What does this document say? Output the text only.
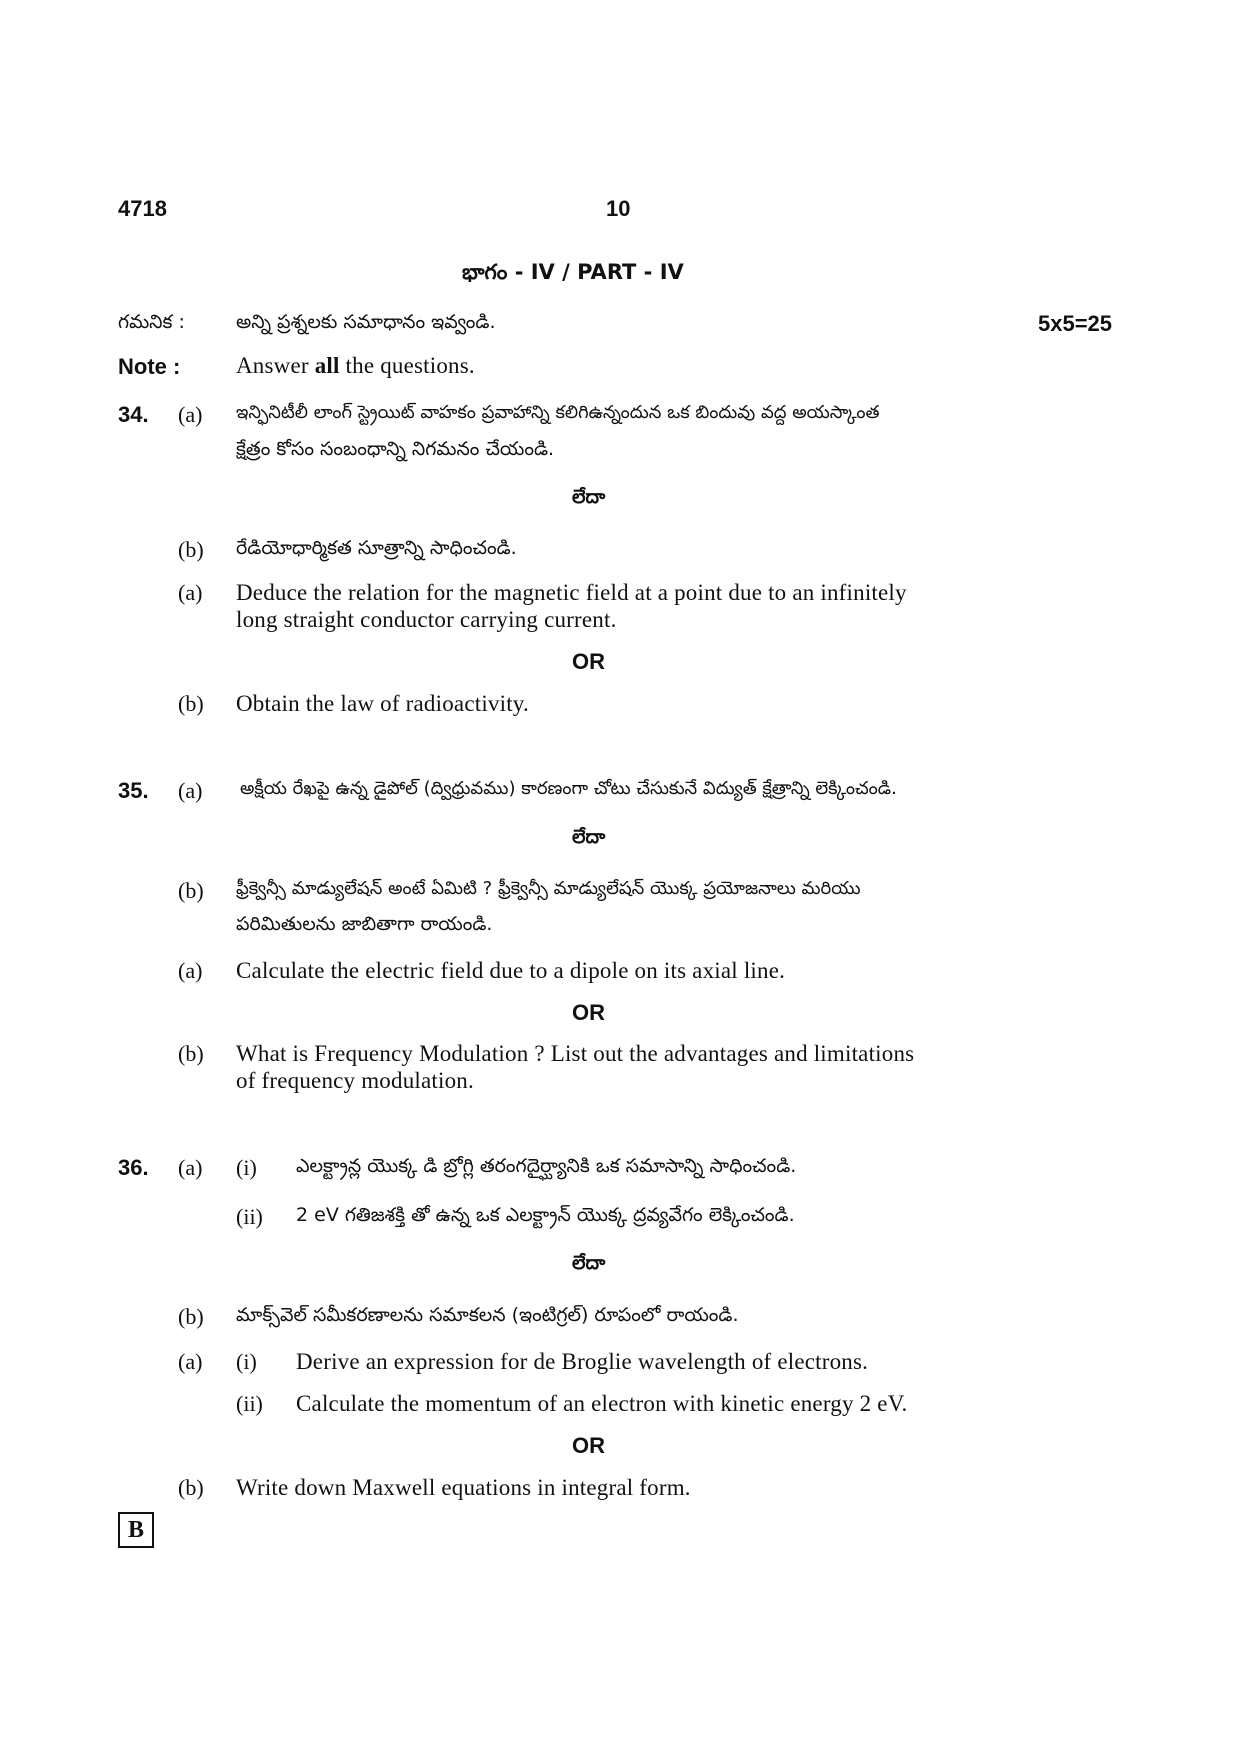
4718	10
భాగం - IV / PART - IV
గమనిక :	అన్ని ప్రశ్నలకు సమాధానం ఇవ్వండి.	5x5=25
Note : Answer all the questions.
34. (a) ఇన్ఫినిటీలీ లాంగ్ స్ట్రెయిట్ వాహకం ప్రవాహాన్ని కలిగిఉన్నందున ఒక బిందువు వద్ద అయస్కాంత
క్షేత్రం కోసం సంబంధాన్ని నిగమనం చేయండి.
లేదా
(b) రేడియోధార్మికత సూత్రాన్ని సాధించండి.
(a) Deduce the relation for the magnetic field at a point due to an infinitely
long straight conductor carrying current.
OR
(b) Obtain the law of radioactivity.
35. (a) అక్షీయ రేఖపై ఉన్న డైపోల్ (ద్విధ్రువము) కారణంగా చోటు చేసుకునే విద్యుత్ క్షేత్రాన్ని లెక్కించండి.
లేదా
(b) ఫ్రీక్వెన్సీ మాడ్యులేషన్ అంటే ఏమిటి ? ఫ్రీక్వెన్సీ మాడ్యులేషన్ యొక్క ప్రయోజనాలు మరియు
పరిమితులను జాబితాగా రాయండి.
(a) Calculate the electric field due to a dipole on its axial line.
OR
(b) What is Frequency Modulation ? List out the advantages and limitations
of frequency modulation.
36. (a) (i) ఎలక్ట్రాన్ల యొక్క డి బ్రోగ్లి తరంగదైర్ఘ్యానికి ఒక సమాసాన్ని సాధించండి.
(ii) 2 eV గతిజశక్తి తో ఉన్న ఒక ఎలక్ట్రాన్ యొక్క ద్రవ్యవేగం లెక్కించండి.
లేదా
(b) మాక్స్‌వెల్ సమీకరణాలను సమాకలన (ఇంటిగ్రల్) రూపంలో రాయండి.
(a) (i) Derive an expression for de Broglie wavelength of electrons.
(ii) Calculate the momentum of an electron with kinetic energy 2 eV.
OR
(b) Write down Maxwell equations in integral form.
B
